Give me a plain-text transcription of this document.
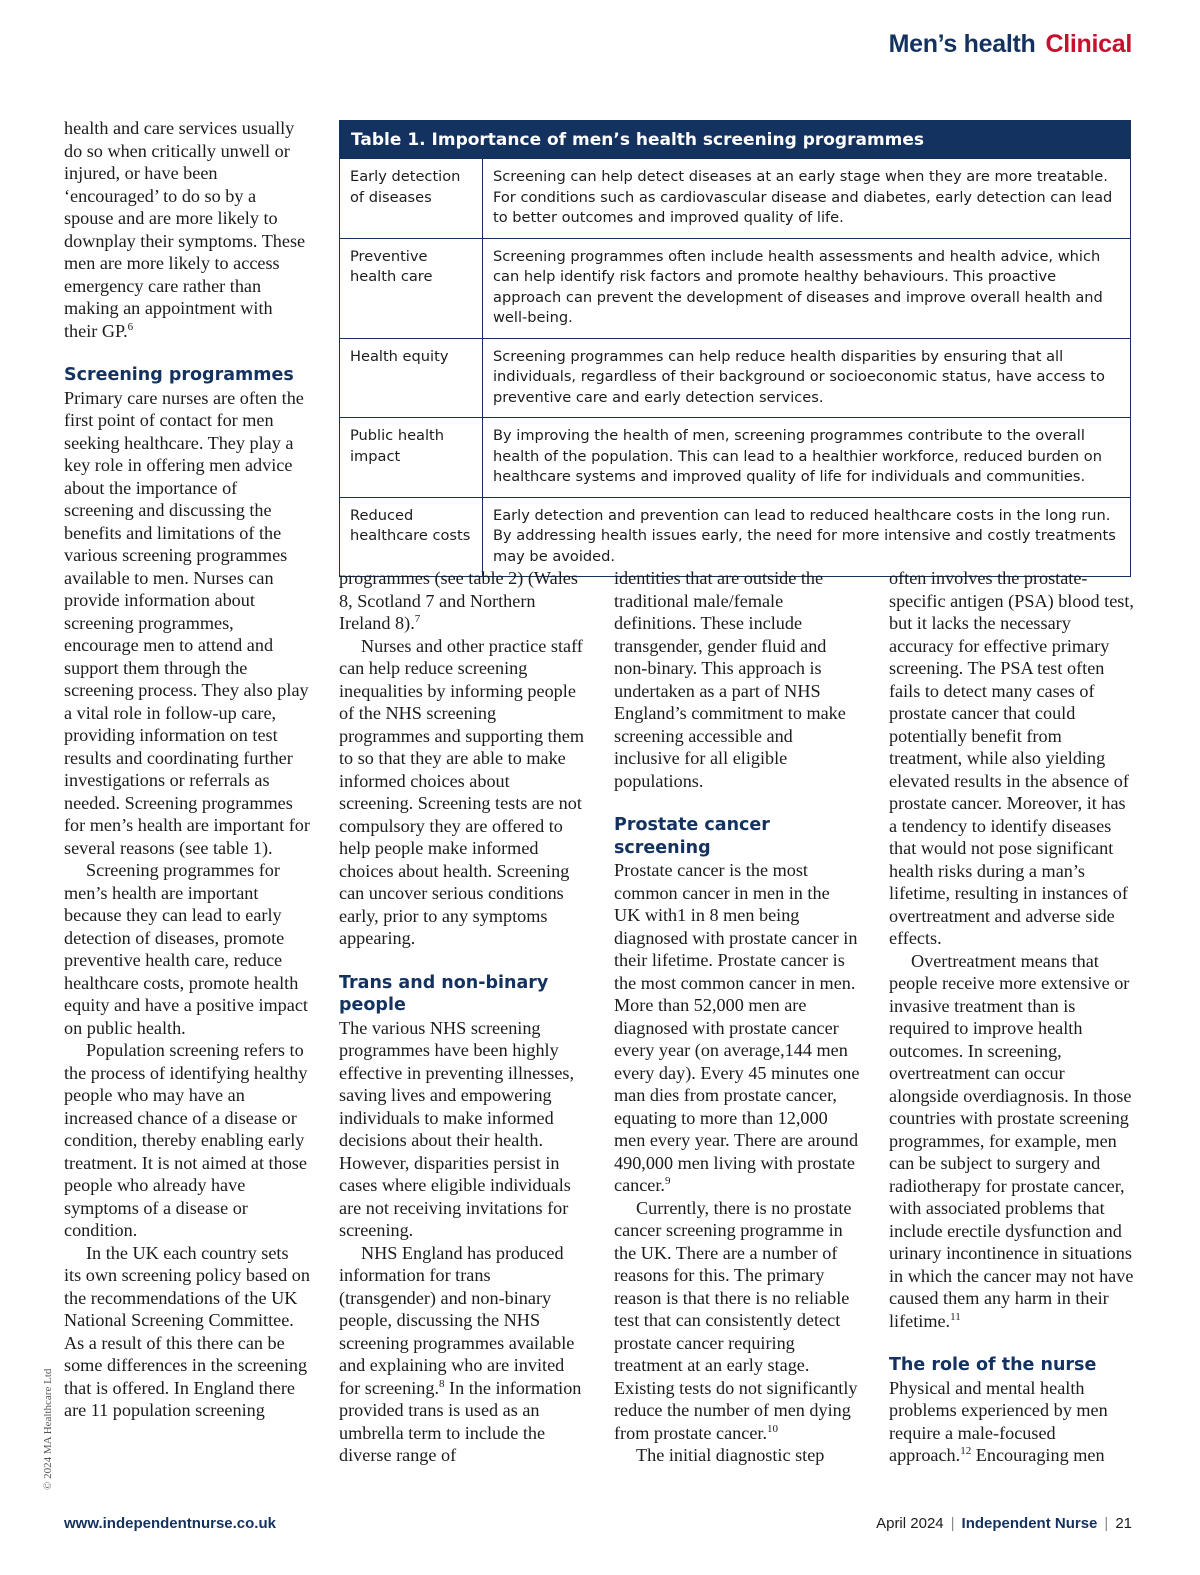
Men’s health Clinical
Table 1. Importance of men’s health screening programmes
Early detection of diseases	Screening can help detect diseases at an early stage when they are more treatable. For conditions such as cardiovascular disease and diabetes, early detection can lead to better outcomes and improved quality of life.
Preventive health care	Screening programmes often include health assessments and health advice, which can help identify risk factors and promote healthy behaviours. This proactive approach can prevent the development of diseases and improve overall health and well-being.
Health equity	Screening programmes can help reduce health disparities by ensuring that all individuals, regardless of their background or socioeconomic status, have access to preventive care and early detection services.
Public health impact	By improving the health of men, screening programmes contribute to the overall health of the population. This can lead to a healthier workforce, reduced burden on healthcare systems and improved quality of life for individuals and communities.
Reduced healthcare costs	Early detection and prevention can lead to reduced healthcare costs in the long run. By addressing health issues early, the need for more intensive and costly treatments may be avoided.

health and care services usually do so when critically unwell or injured, or have been ‘encouraged’ to do so by a spouse and are more likely to downplay their symptoms. These men are more likely to access emergency care rather than making an appointment with their GP.$^6$

Screening programmes

Primary care nurses are often the first point of contact for men seeking healthcare. They play a key role in offering men advice about the importance of screening and discussing the benefits and limitations of the various screening programmes available to men. Nurses can provide information about screening programmes, encourage men to attend and support them through the screening process. They also play a vital role in follow-up care, providing information on test results and coordinating further investigations or referrals as needed. Screening programmes for men’s health are important for several reasons (see table 1).

Screening programmes for men’s health are important because they can lead to early detection of diseases, promote preventive health care, reduce healthcare costs, promote health equity and have a positive impact on public health.

Population screening refers to the process of identifying healthy people who may have an increased chance of a disease or condition, thereby enabling early treatment. It is not aimed at those people who already have symptoms of a disease or condition.

In the UK each country sets its own screening policy based on the recommendations of the UK National Screening Committee. As a result of this there can be some differences in the screening that is offered. In England there are 11 population screening

programmes (see table 2) (Wales 8, Scotland 7 and Northern Ireland 8).$^7$

Nurses and other practice staff can help reduce screening inequalities by informing people of the NHS screening programmes and supporting them to so that they are able to make informed choices about screening. Screening tests are not compulsory they are offered to help people make informed choices about health. Screening can uncover serious conditions early, prior to any symptoms appearing.

Trans and non-binary people

The various NHS screening programmes have been highly effective in preventing illnesses, saving lives and empowering individuals to make informed decisions about their health. However, disparities persist in cases where eligible individuals are not receiving invitations for screening.

NHS England has produced information for trans (transgender) and non-binary people, discussing the NHS screening programmes available and explaining who are invited for screening.$^8$ In the information provided trans is used as an umbrella term to include the diverse range of

identities that are outside the traditional male/female definitions. These include transgender, gender fluid and non-binary. This approach is undertaken as a part of NHS England’s commitment to make screening accessible and inclusive for all eligible populations.

Prostate cancer screening

Prostate cancer is the most common cancer in men in the UK with1 in 8 men being diagnosed with prostate cancer in their lifetime. Prostate cancer is the most common cancer in men. More than 52,000 men are diagnosed with prostate cancer every year (on average,144 men every day). Every 45 minutes one man dies from prostate cancer, equating to more than 12,000 men every year. There are around 490,000 men living with prostate cancer.$^9$

Currently, there is no prostate cancer screening programme in the UK. There are a number of reasons for this. The primary reason is that there is no reliable test that can consistently detect prostate cancer requiring treatment at an early stage. Existing tests do not significantly reduce the number of men dying from prostate cancer.$^{10}$

The initial diagnostic step

often involves the prostate-specific antigen (PSA) blood test, but it lacks the necessary accuracy for effective primary screening. The PSA test often fails to detect many cases of prostate cancer that could potentially benefit from treatment, while also yielding elevated results in the absence of prostate cancer. Moreover, it has a tendency to identify diseases that would not pose significant health risks during a man’s lifetime, resulting in instances of overtreatment and adverse side effects.

Overtreatment means that people receive more extensive or invasive treatment than is required to improve health outcomes. In screening, overtreatment can occur alongside overdiagnosis. In those countries with prostate screening programmes, for example, men can be subject to surgery and radiotherapy for prostate cancer, with associated problems that include erectile dysfunction and urinary incontinence in situations in which the cancer may not have caused them any harm in their lifetime.$^{11}$

The role of the nurse

Physical and mental health problems experienced by men require a male-focused approach.$^{12}$ Encouraging men

© 2024 MA Healthcare Ltd
www.independentnurse.co.uk	April 2024 | Independent Nurse | 21
